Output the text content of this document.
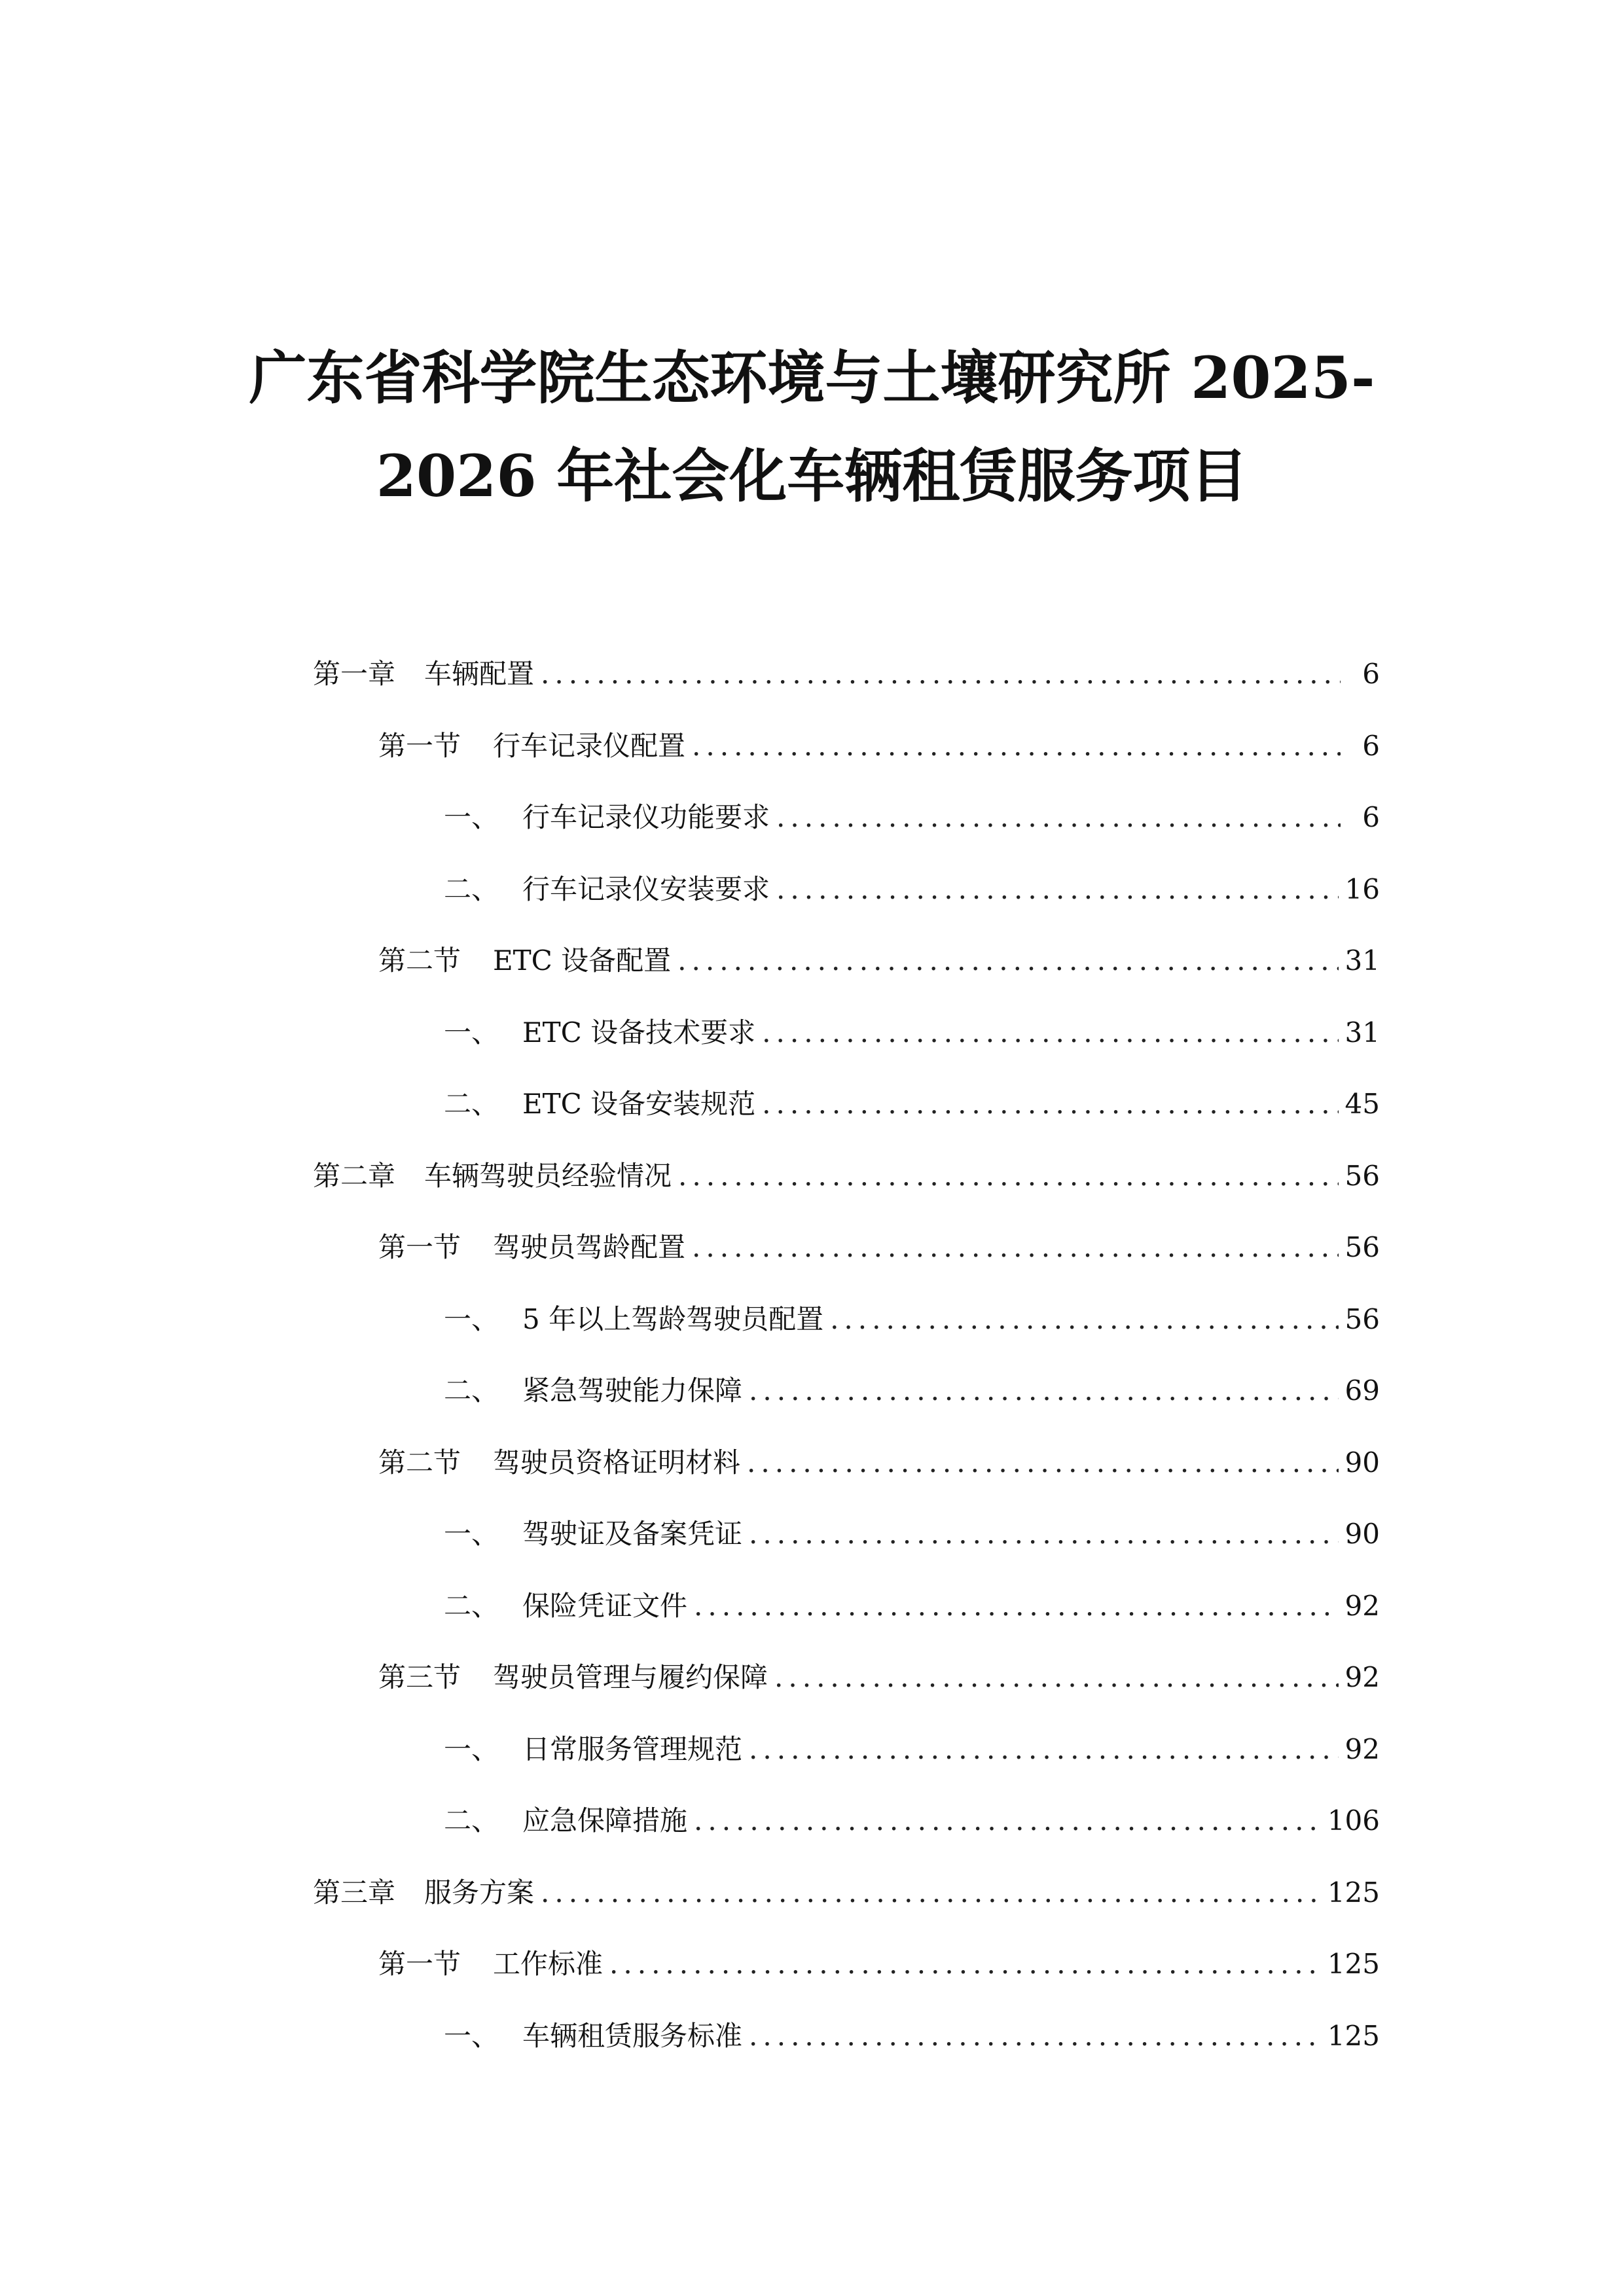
广东省科学院生态环境与土壤研究所 2025-
2026 年社会化车辆租赁服务项目
第一章	车辆配置 .....	6
第一节	行车记录仪配置 .....	6
一、 行车记录仪功能要求 .....	6
二、 行车记录仪安装要求 .....	16
第二节	ETC 设备配置 .....	31
一、 ETC 设备技术要求 .....	31
二、 ETC 设备安装规范 .....	45
第二章	车辆驾驶员经验情况 .....	56
第一节	驾驶员驾龄配置 .....	56
一、 5 年以上驾龄驾驶员配置 .....	56
二、 紧急驾驶能力保障 .....	69
第二节	驾驶员资格证明材料 .....	90
一、 驾驶证及备案凭证 .....	90
二、 保险凭证文件 .....	92
第三节	驾驶员管理与履约保障 .....	92
一、 日常服务管理规范 .....	92
二、 应急保障措施 .....	106
第三章	服务方案 .....	125
第一节	工作标准 .....	125
一、 车辆租赁服务标准 .....	125
